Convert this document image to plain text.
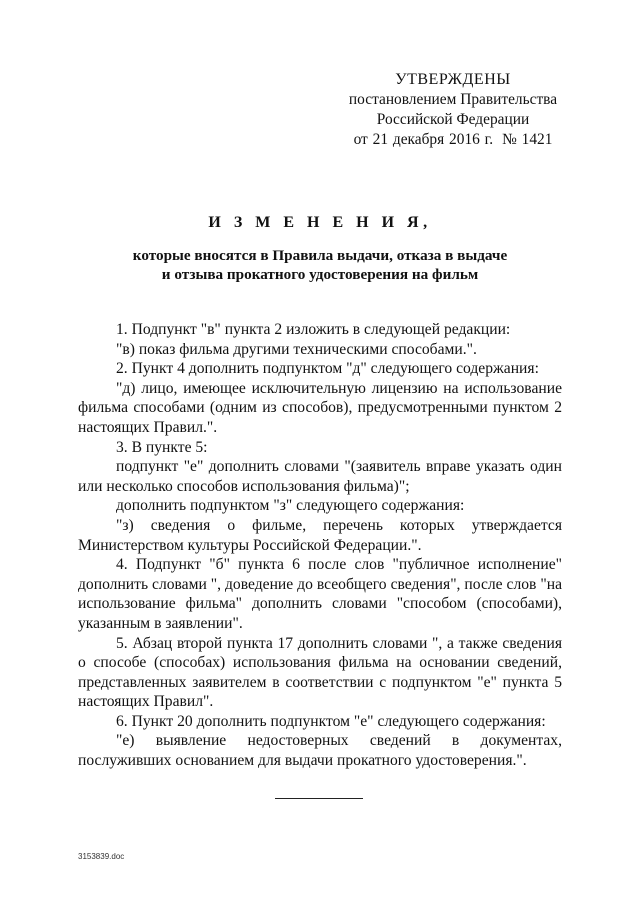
УТВЕРЖДЕНЫ
постановлением Правительства
Российской Федерации
от 21 декабря 2016 г. № 1421
И З М Е Н Е Н И Я,
которые вносятся в Правила выдачи, отказа в выдаче
и отзыва прокатного удостоверения на фильм

1. Подпункт "в" пункта 2 изложить в следующей редакции:

"в) показ фильма другими техническими способами.".

2. Пункт 4 дополнить подпунктом "д" следующего содержания:

"д) лицо, имеющее исключительную лицензию на использование фильма способами (одним из способов), предусмотренными пунктом 2 настоящих Правил.".

3. В пункте 5:

подпункт "е" дополнить словами "(заявитель вправе указать один или несколько способов использования фильма)";

дополнить подпунктом "з" следующего содержания:

"з) сведения о фильме, перечень которых утверждается Министерством культуры Российской Федерации.".

4. Подпункт "б" пункта 6 после слов "публичное исполнение" дополнить словами ", доведение до всеобщего сведения", после слов "на использование фильма" дополнить словами "способом (способами), указанным в заявлении".

5. Абзац второй пункта 17 дополнить словами ", а также сведения о способе (способах) использования фильма на основании сведений, представленных заявителем в соответствии с подпунктом "е" пункта 5 настоящих Правил".

6. Пункт 20 дополнить подпунктом "е" следующего содержания:

"е) выявление недостоверных сведений в документах, послуживших основанием для выдачи прокатного удостоверения.".

3153839.doc
